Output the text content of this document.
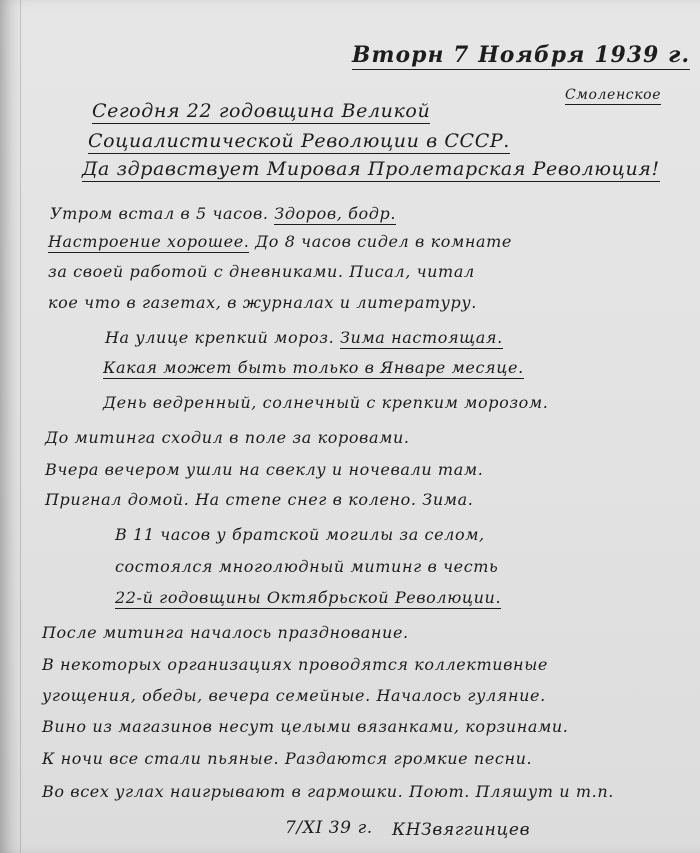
Вторн 7 Ноября 1939 г.
Смоленское
Сегодня 22 годовщина Великой
Социалистической Революции в СССР.
Да здравствует Мировая Пролетарская Революция!
Утром встал в 5 часов. Здоров, бодр.
Настроение хорошее. До 8 часов сидел в комнате
за своей работой с дневниками. Писал, читал
кое что в газетах, в журналах и литературу.
На улице крепкий мороз. Зима настоящая.
Какая может быть только в Январе месяце.
День ведренный, солнечный с крепким морозом.
До митинга сходил в поле за коровами.
Вчера вечером ушли на свеклу и ночевали там.
Пригнал домой. На степе снег в колено. Зима.
В 11 часов у братской могилы за селом,
состоялся многолюдный митинг в честь
22-й годовщины Октябрьской Революции.
После митинга началось празднование.
В некоторых организациях проводятся коллективные
угощения, обеды, вечера семейные. Началось гуляние.
Вино из магазинов несут целыми вязанками, корзинами.
К ночи все стали пьяные. Раздаются громкие песни.
Во всех углах наигрывают в гармошки. Поют. Пляшут и т.п.
7/XI 39 г. КНЗвяггинцев
